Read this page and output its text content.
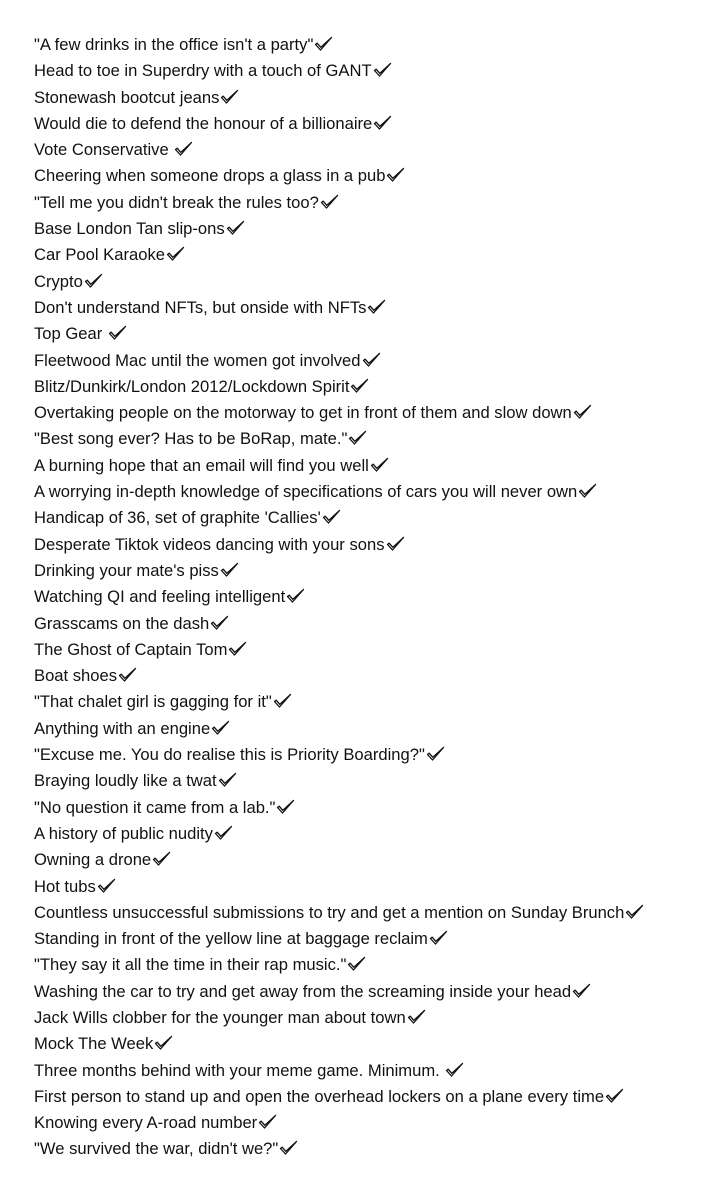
"A few drinks in the office isn't a party"
Head to toe in Superdry with a touch of GANT
Stonewash bootcut jeans
Would die to defend the honour of a billionaire
Vote Conservative
Cheering when someone drops a glass in a pub
"Tell me you didn't break the rules too?
Base London Tan slip-ons
Car Pool Karaoke
Crypto
Don't understand NFTs, but onside with NFTs
Top Gear
Fleetwood Mac until the women got involved
Blitz/Dunkirk/London 2012/Lockdown Spirit
Overtaking people on the motorway to get in front of them and slow down
"Best song ever? Has to be BoRap, mate."
A burning hope that an email will find you well
A worrying in-depth knowledge of specifications of cars you will never own
Handicap of 36, set of graphite 'Callies'
Desperate Tiktok videos dancing with your sons
Drinking your mate's piss
Watching QI and feeling intelligent
Grasscams on the dash
The Ghost of Captain Tom
Boat shoes
"That chalet girl is gagging for it"
Anything with an engine
"Excuse me. You do realise this is Priority Boarding?"
Braying loudly like a twat
"No question it came from a lab."
A history of public nudity
Owning a drone
Hot tubs
Countless unsuccessful submissions to try and get a mention on Sunday Brunch
Standing in front of the yellow line at baggage reclaim
"They say it all the time in their rap music."
Washing the car to try and get away from the screaming inside your head
Jack Wills clobber for the younger man about town
Mock The Week
Three months behind with your meme game. Minimum.
First person to stand up and open the overhead lockers on a plane every time
Knowing every A-road number
"We survived the war, didn't we?"
